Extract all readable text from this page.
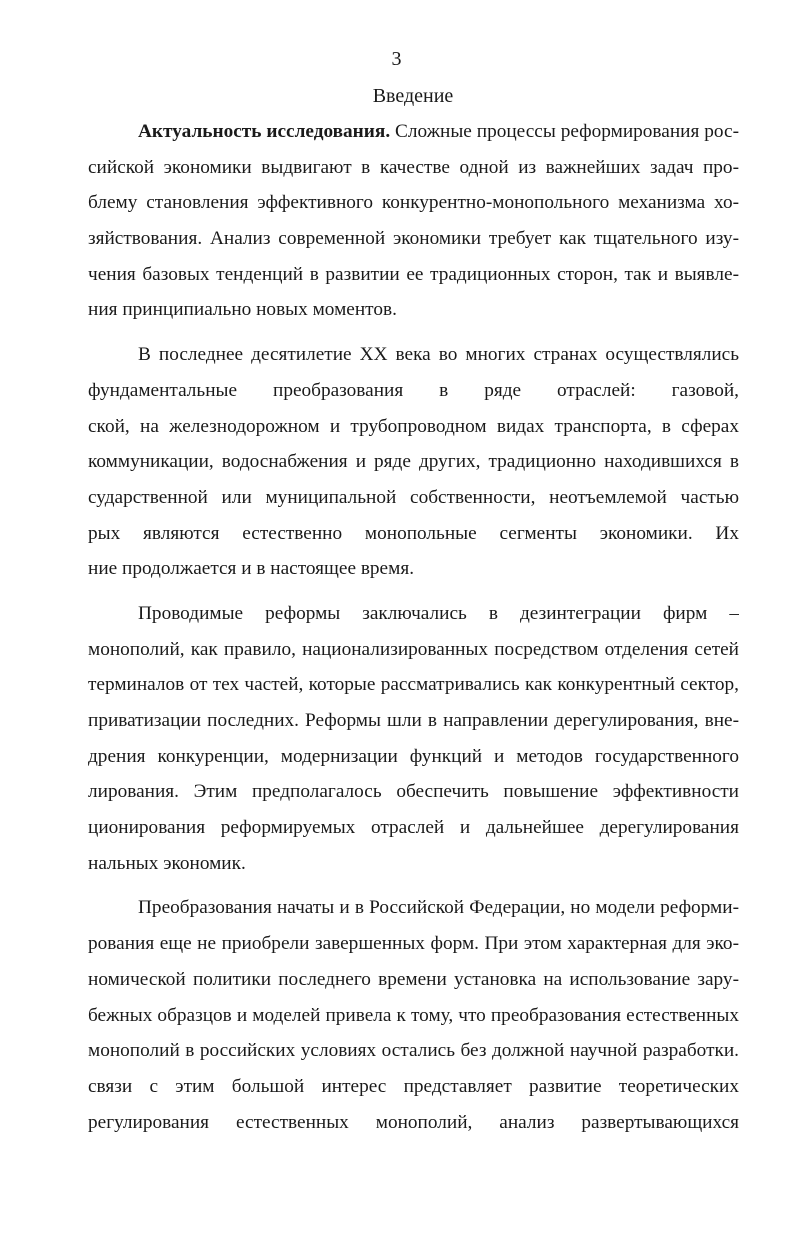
3
Введение

Актуальность исследования. Сложные процессы реформирования рос-
сийской экономики выдвигают в качестве одной из важнейших задач про-
блему становления эффективного конкурентно-монопольного механизма хо-
зяйствования. Анализ современной экономики требует как тщательного изу-
чения базовых тенденций в развитии ее традиционных сторон, так и выявле-
ния принципиально новых моментов.

В последнее десятилетие XX века во многих странах осуществлялись
фундаментальные преобразования в ряде отраслей: газовой,
ской, на железнодорожном и трубопроводном видах транспорта, в сферах
коммуникации, водоснабжения и ряде других, традиционно находившихся в
сударственной или муниципальной собственности, неотъемлемой частью
рых являются естественно монопольные сегменты экономики. Их
ние продолжается и в настоящее время.

Проводимые реформы заключались в дезинтеграции фирм –
монополий, как правило, национализированных посредством отделения сетей
терминалов от тех частей, которые рассматривались как конкурентный сектор,
приватизации последних. Реформы шли в направлении дерегулирования, вне-
дрения конкуренции, модернизации функций и методов государственного
лирования. Этим предполагалось обеспечить повышение эффективности
ционирования реформируемых отраслей и дальнейшее дерегулирования
нальных экономик.

Преобразования начаты и в Российской Федерации, но модели реформи-
рования еще не приобрели завершенных форм. При этом характерная для эко-
номической политики последнего времени установка на использование зару-
бежных образцов и моделей привела к тому, что преобразования естественных
монополий в российских условиях остались без должной научной разработки.
связи с этим большой интерес представляет развитие теоретических
регулирования естественных монополий, анализ развертывающихся
